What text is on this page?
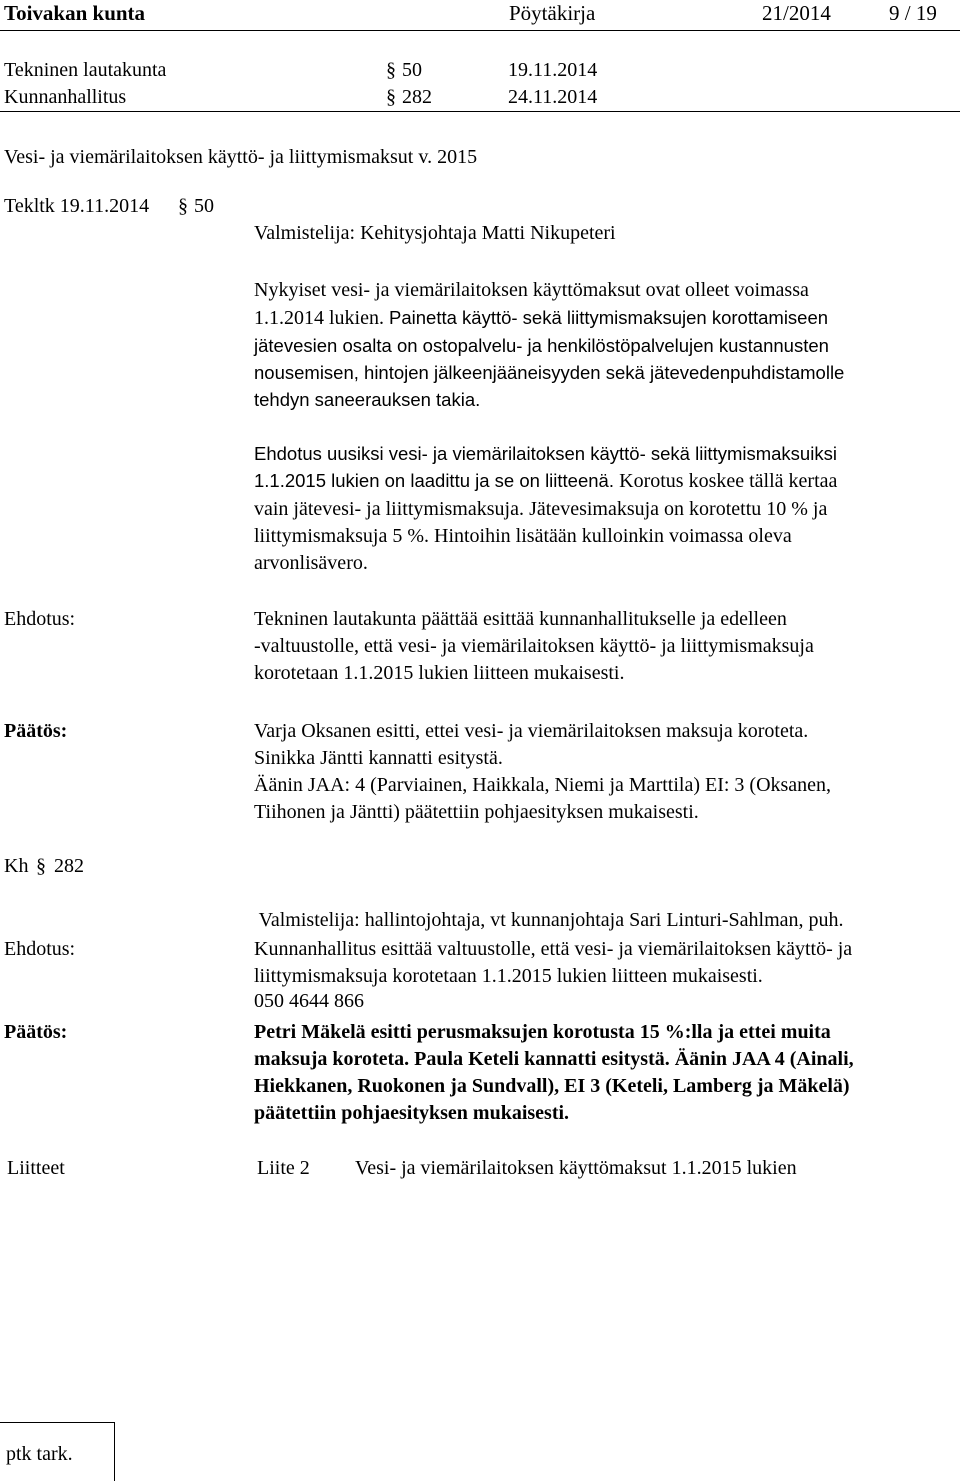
Toivakan kunta	Pöytäkirja	21/2014	9 / 19
Tekninen lautakunta	§ 50	19.11.2014
Kunnanhallitus	§ 282	24.11.2014
Vesi- ja viemärilaitoksen käyttö- ja liittymismaksut v. 2015
Tekltk 19.11.2014 § 50
Valmistelija: Kehitysjohtaja Matti Nikupeteri
Nykyiset vesi- ja viemärilaitoksen käyttömaksut ovat olleet voimassa
1.1.2014 lukien. Painetta käyttö- sekä liittymismaksujen korottamiseen
jätevesien osalta on ostopalvelu- ja henkilöstöpalvelujen kustannusten
nousemisen, hintojen jälkeenjääneisyyden sekä jätevedenpuhdistamolle
tehdyn saneerauksen takia.
Ehdotus uusiksi vesi- ja viemärilaitoksen käyttö- sekä liittymismaksuiksi
1.1.2015 lukien on laadittu ja se on liitteenä. Korotus koskee tällä kertaa
vain jätevesi- ja liittymismaksuja. Jätevesimaksuja on korotettu 10 % ja
liittymismaksuja 5 %. Hintoihin lisätään kulloinkin voimassa oleva
arvonlisävero.
Ehdotus:	Tekninen lautakunta päättää esittää kunnanhallitukselle ja edelleen
-valtuustolle, että vesi- ja viemärilaitoksen käyttö- ja liittymismaksuja
korotetaan 1.1.2015 lukien liitteen mukaisesti.
Päätös:	Varja Oksanen esitti, ettei vesi- ja viemärilaitoksen maksuja koroteta.
Sinikka Jäntti kannatti esitystä.
Äänin JAA: 4 (Parviainen, Haikkala, Niemi ja Marttila) EI: 3 (Oksanen,
Tiihonen ja Jäntti) päätettiin pohjaesityksen mukaisesti.
Kh § 282

Valmistelija: hallintojohtaja, vt kunnanjohtaja Sari Linturi-Sahlman, puh.

050 4644 866

Ehdotus:	Kunnanhallitus esittää valtuustolle, että vesi- ja viemärilaitoksen käyttö- ja
liittymismaksuja korotetaan 1.1.2015 lukien liitteen mukaisesti.
Päätös:	Petri Mäkelä esitti perusmaksujen korotusta 15 %:lla ja ettei muita
maksuja koroteta. Paula Keteli kannatti esitystä. Äänin JAA 4 (Ainali,
Hiekkanen, Ruokonen ja Sundvall), EI 3 (Keteli, Lamberg ja Mäkelä)
päätettiin pohjaesityksen mukaisesti.
Liitteet	Liite 2 Vesi- ja viemärilaitoksen käyttömaksut 1.1.2015 lukien
ptk tark.
